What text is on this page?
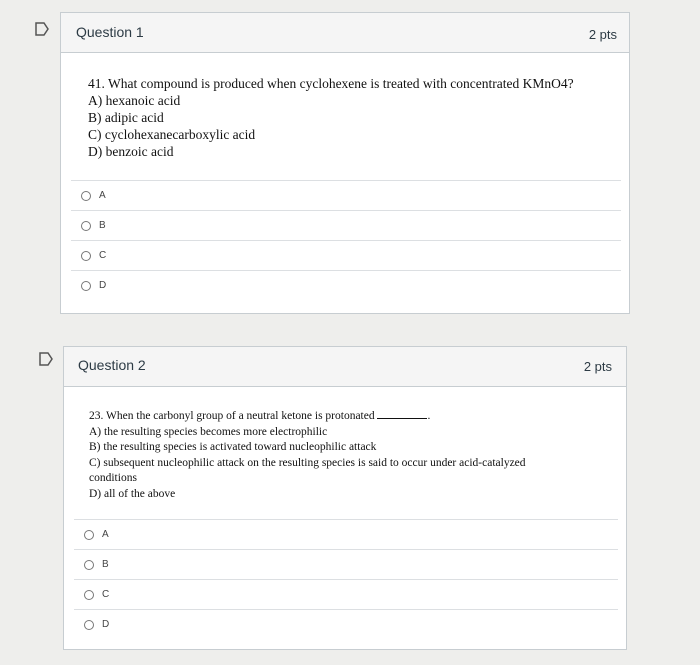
Question 1	2 pts
41. What compound is produced when cyclohexene is treated with concentrated KMnO4?
A) hexanoic acid
B) adipic acid
C) cyclohexanecarboxylic acid
D) benzoic acid
A
B
C
D
Question 2	2 pts
23. When the carbonyl group of a neutral ketone is protonated	.
A) the resulting species becomes more electrophilic
B) the resulting species is activated toward nucleophilic attack
C) subsequent nucleophilic attack on the resulting species is said to occur under acid-catalyzed
conditions
D) all of the above
A
B
C
D
